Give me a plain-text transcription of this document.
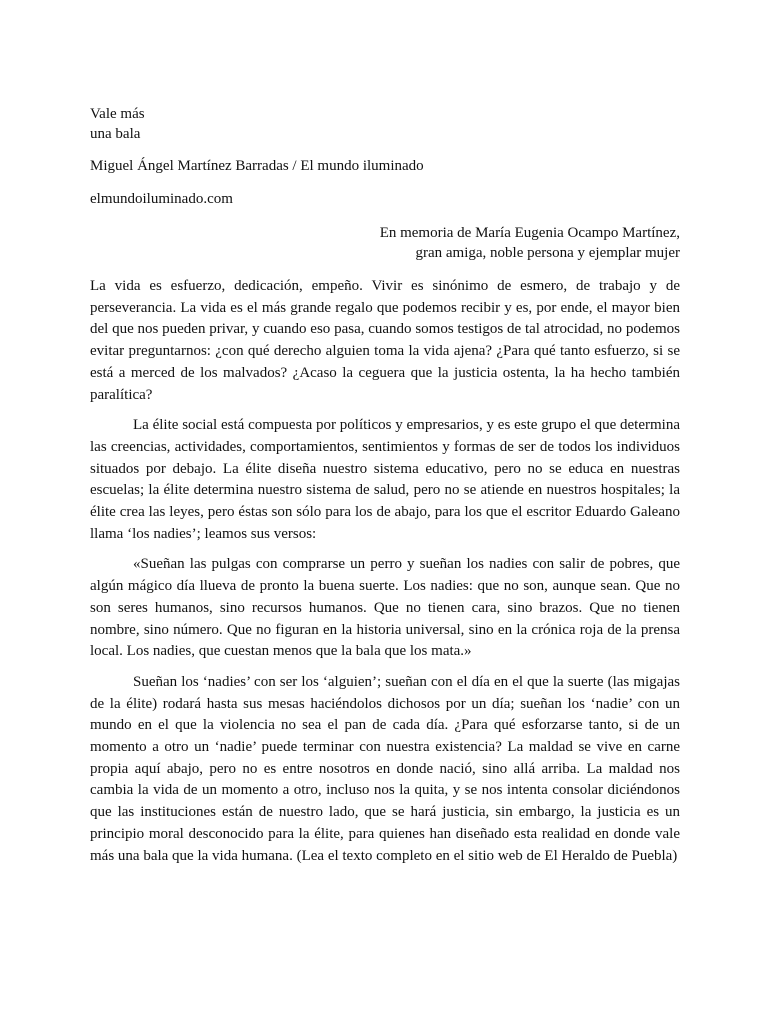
Vale más
una bala
Miguel Ángel Martínez Barradas / El mundo iluminado
elmundoiluminado.com
En memoria de María Eugenia Ocampo Martínez,
gran amiga, noble persona y ejemplar mujer

La vida es esfuerzo, dedicación, empeño. Vivir es sinónimo de esmero, de trabajo y de perseverancia. La vida es el más grande regalo que podemos recibir y es, por ende, el mayor bien del que nos pueden privar, y cuando eso pasa, cuando somos testigos de tal atrocidad, no podemos evitar preguntarnos: ¿con qué derecho alguien toma la vida ajena? ¿Para qué tanto esfuerzo, si se está a merced de los malvados? ¿Acaso la ceguera que la justicia ostenta, la ha hecho también paralítica?

La élite social está compuesta por políticos y empresarios, y es este grupo el que determina las creencias, actividades, comportamientos, sentimientos y formas de ser de todos los individuos situados por debajo. La élite diseña nuestro sistema educativo, pero no se educa en nuestras escuelas; la élite determina nuestro sistema de salud, pero no se atiende en nuestros hospitales; la élite crea las leyes, pero éstas son sólo para los de abajo, para los que el escritor Eduardo Galeano llama ‘los nadies’; leamos sus versos:

«Sueñan las pulgas con comprarse un perro y sueñan los nadies con salir de pobres, que algún mágico día llueva de pronto la buena suerte. Los nadies: que no son, aunque sean. Que no son seres humanos, sino recursos humanos. Que no tienen cara, sino brazos. Que no tienen nombre, sino número. Que no figuran en la historia universal, sino en la crónica roja de la prensa local. Los nadies, que cuestan menos que la bala que los mata.»

Sueñan los ‘nadies’ con ser los ‘alguien’; sueñan con el día en el que la suerte (las migajas de la élite) rodará hasta sus mesas haciéndolos dichosos por un día; sueñan los ‘nadie’ con un mundo en el que la violencia no sea el pan de cada día. ¿Para qué esforzarse tanto, si de un momento a otro un ‘nadie’ puede terminar con nuestra existencia? La maldad se vive en carne propia aquí abajo, pero no es entre nosotros en donde nació, sino allá arriba. La maldad nos cambia la vida de un momento a otro, incluso nos la quita, y se nos intenta consolar diciéndonos que las instituciones están de nuestro lado, que se hará justicia, sin embargo, la justicia es un principio moral desconocido para la élite, para quienes han diseñado esta realidad en donde vale más una bala que la vida humana. (Lea el texto completo en el sitio web de El Heraldo de Puebla)
